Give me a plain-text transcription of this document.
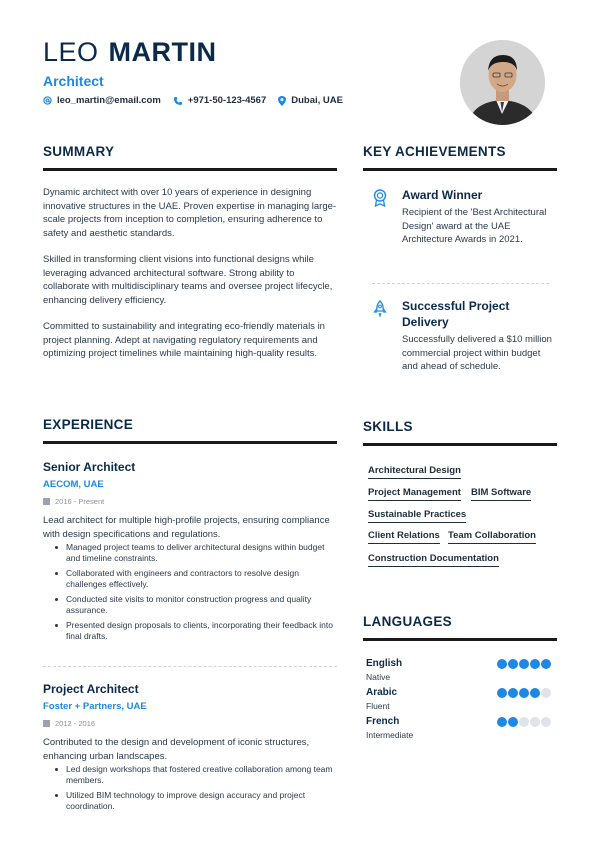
LEO MARTIN
Architect
leo_martin@email.com	+971-50-123-4567	Dubai, UAE
SUMMARY
Dynamic architect with over 10 years of experience in designing innovative structures in the UAE. Proven expertise in managing large-scale projects from inception to completion, ensuring adherence to safety and aesthetic standards.
Skilled in transforming client visions into functional designs while leveraging advanced architectural software. Strong ability to collaborate with multidisciplinary teams and oversee project lifecycle, enhancing delivery efficiency.
Committed to sustainability and integrating eco-friendly materials in project planning. Adept at navigating regulatory requirements and optimizing project timelines while maintaining high-quality results.
KEY ACHIEVEMENTS
Award Winner
Recipient of the 'Best Architectural Design' award at the UAE Architecture Awards in 2021.
Successful Project Delivery
Successfully delivered a $10 million commercial project within budget and ahead of schedule.
EXPERIENCE
Senior Architect
AECOM, UAE
2016 - Present
Lead architect for multiple high-profile projects, ensuring compliance with design specifications and regulations.
Managed project teams to deliver architectural designs within budget and timeline constraints.
Collaborated with engineers and contractors to resolve design challenges effectively.
Conducted site visits to monitor construction progress and quality assurance.
Presented design proposals to clients, incorporating their feedback into final drafts.
Project Architect
Foster + Partners, UAE
2012 - 2016
Contributed to the design and development of iconic structures, enhancing urban landscapes.
Led design workshops that fostered creative collaboration among team members.
Utilized BIM technology to improve design accuracy and project coordination.
SKILLS
Architectural Design
Project Management BIM Software
Sustainable Practices
Client Relations Team Collaboration
Construction Documentation
LANGUAGES
English
Native
Arabic
Fluent
French
Intermediate
